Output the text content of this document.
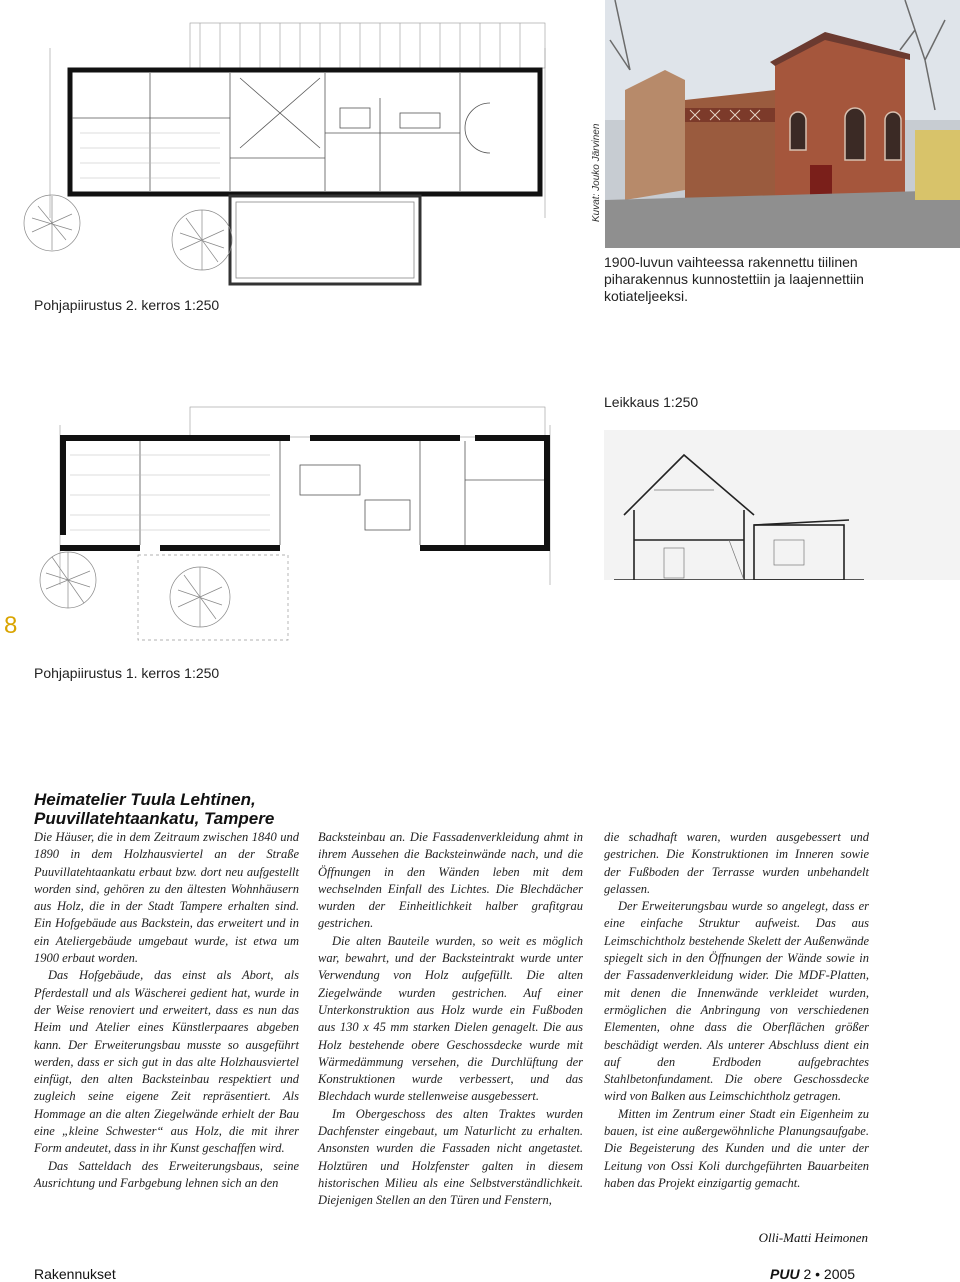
Kuvat: Jouko Järvinen
Pohjapiirustus 2. kerros 1:250
1900-luvun vaihteessa rakennettu tiilinen piharakennus kunnostettiin ja laajennettiin kotiateljeeksi.
Leikkaus 1:250
8
Pohjapiirustus 1. kerros 1:250
Heimatelier Tuula Lehtinen, Puuvillatehtaankatu, Tampere

Die Häuser, die in dem Zeitraum zwischen 1840 und 1890 in dem Holzhausviertel an der Straße Puuvillatehtaankatu erbaut bzw. dort neu aufgestellt worden sind, gehören zu den ältesten Wohnhäusern aus Holz, die in der Stadt Tampere erhalten sind. Ein Hofgebäude aus Backstein, das erweitert und in ein Ateliergebäude umgebaut wurde, ist etwa um 1900 erbaut worden.

Das Hofgebäude, das einst als Abort, als Pferdestall und als Wäscherei gedient hat, wurde in der Weise renoviert und erweitert, dass es nun das Heim und Atelier eines Künstlerpaares abgeben kann. Der Erweiterungsbau musste so ausgeführt werden, dass er sich gut in das alte Holzhausviertel einfügt, den alten Backsteinbau respektiert und zugleich seine eigene Zeit repräsentiert. Als Hommage an die alten Ziegelwände erhielt der Bau eine „kleine Schwester“ aus Holz, die mit ihrer Form andeutet, dass in ihr Kunst geschaffen wird.

Das Satteldach des Erweiterungsbaus, seine Ausrichtung und Farbgebung lehnen sich an den

Backsteinbau an. Die Fassadenverkleidung ahmt in ihrem Aussehen die Backsteinwände nach, und die Öffnungen in den Wänden leben mit dem wechselnden Einfall des Lichtes. Die Blechdächer wurden der Einheitlichkeit halber grafitgrau gestrichen.

Die alten Bauteile wurden, so weit es möglich war, bewahrt, und der Backsteintrakt wurde unter Verwendung von Holz aufgefüllt. Die alten Ziegelwände wurden gestrichen. Auf einer Unterkonstruktion aus Holz wurde ein Fußboden aus 130 x 45 mm starken Dielen genagelt. Die aus Holz bestehende obere Geschossdecke wurde mit Wärmedämmung versehen, die Durchlüftung der Konstruktionen wurde verbessert, und das Blechdach wurde stellenweise ausgebessert.

Im Obergeschoss des alten Traktes wurden Dachfenster eingebaut, um Naturlicht zu erhalten. Ansonsten wurden die Fassaden nicht angetastet. Holztüren und Holzfenster galten in diesem historischen Milieu als eine Selbstverständlichkeit. Diejenigen Stellen an den Türen und Fenstern,

die schadhaft waren, wurden ausgebessert und gestrichen. Die Konstruktionen im Inneren sowie der Fußboden der Terrasse wurden unbehandelt gelassen.

Der Erweiterungsbau wurde so angelegt, dass er eine einfache Struktur aufweist. Das aus Leimschichtholz bestehende Skelett der Außenwände spiegelt sich in den Öffnungen der Wände sowie in der Fassadenverkleidung wider. Die MDF-Platten, mit denen die Innenwände verkleidet wurden, ermöglichen die Anbringung von verschiedenen Elementen, ohne dass die Oberflächen größer beschädigt werden. Als unterer Abschluss dient ein auf den Erdboden aufgebrachtes Stahlbetonfundament. Die obere Geschossdecke wird von Balken aus Leimschichtholz getragen.

Mitten im Zentrum einer Stadt ein Eigenheim zu bauen, ist eine außergewöhnliche Planungsaufgabe. Die Begeisterung des Kunden und die unter der Leitung von Ossi Koli durchgeführten Bauarbeiten haben das Projekt einzigartig gemacht.

Olli-Matti Heimonen
Rakennukset	PUU 2 • 2005
